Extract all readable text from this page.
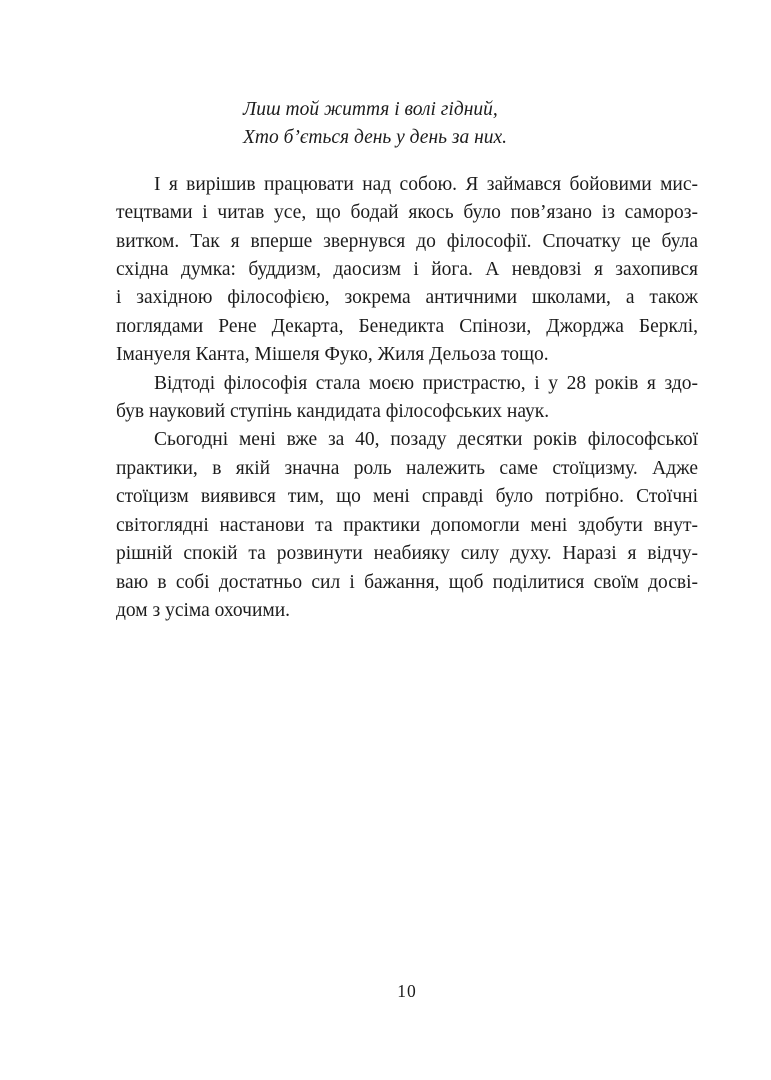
Лиш той життя і волі гідний,
Хто б’ється день у день за них.
І я вирішив працювати над собою. Я займався бойовими мис-
тецтвами і читав усе, що бодай якось було пов’язано із самороз-
витком. Так я вперше звернувся до філософії. Спочатку це була
східна думка: буддизм, даосизм і йога. А невдовзі я захопився
і західною філософією, зокрема античними школами, а також
поглядами Рене Декарта, Бенедикта Спінози, Джорджа Берклі,
Імануеля Канта, Мішеля Фуко, Жиля Дельоза тощо.
Відтоді філософія стала моєю пристрастю, і у 28 років я здо-
був науковий ступінь кандидата філософських наук.
Сьогодні мені вже за 40, позаду десятки років філософської
практики, в якій значна роль належить саме стоїцизму. Адже
стоїцизм виявився тим, що мені справді було потрібно. Стоїчні
світоглядні настанови та практики допомогли мені здобути внут-
рішній спокій та розвинути неабияку силу духу. Наразі я відчу-
ваю в собі достатньо сил і бажання, щоб поділитися своїм досві-
дом з усіма охочими.
10
